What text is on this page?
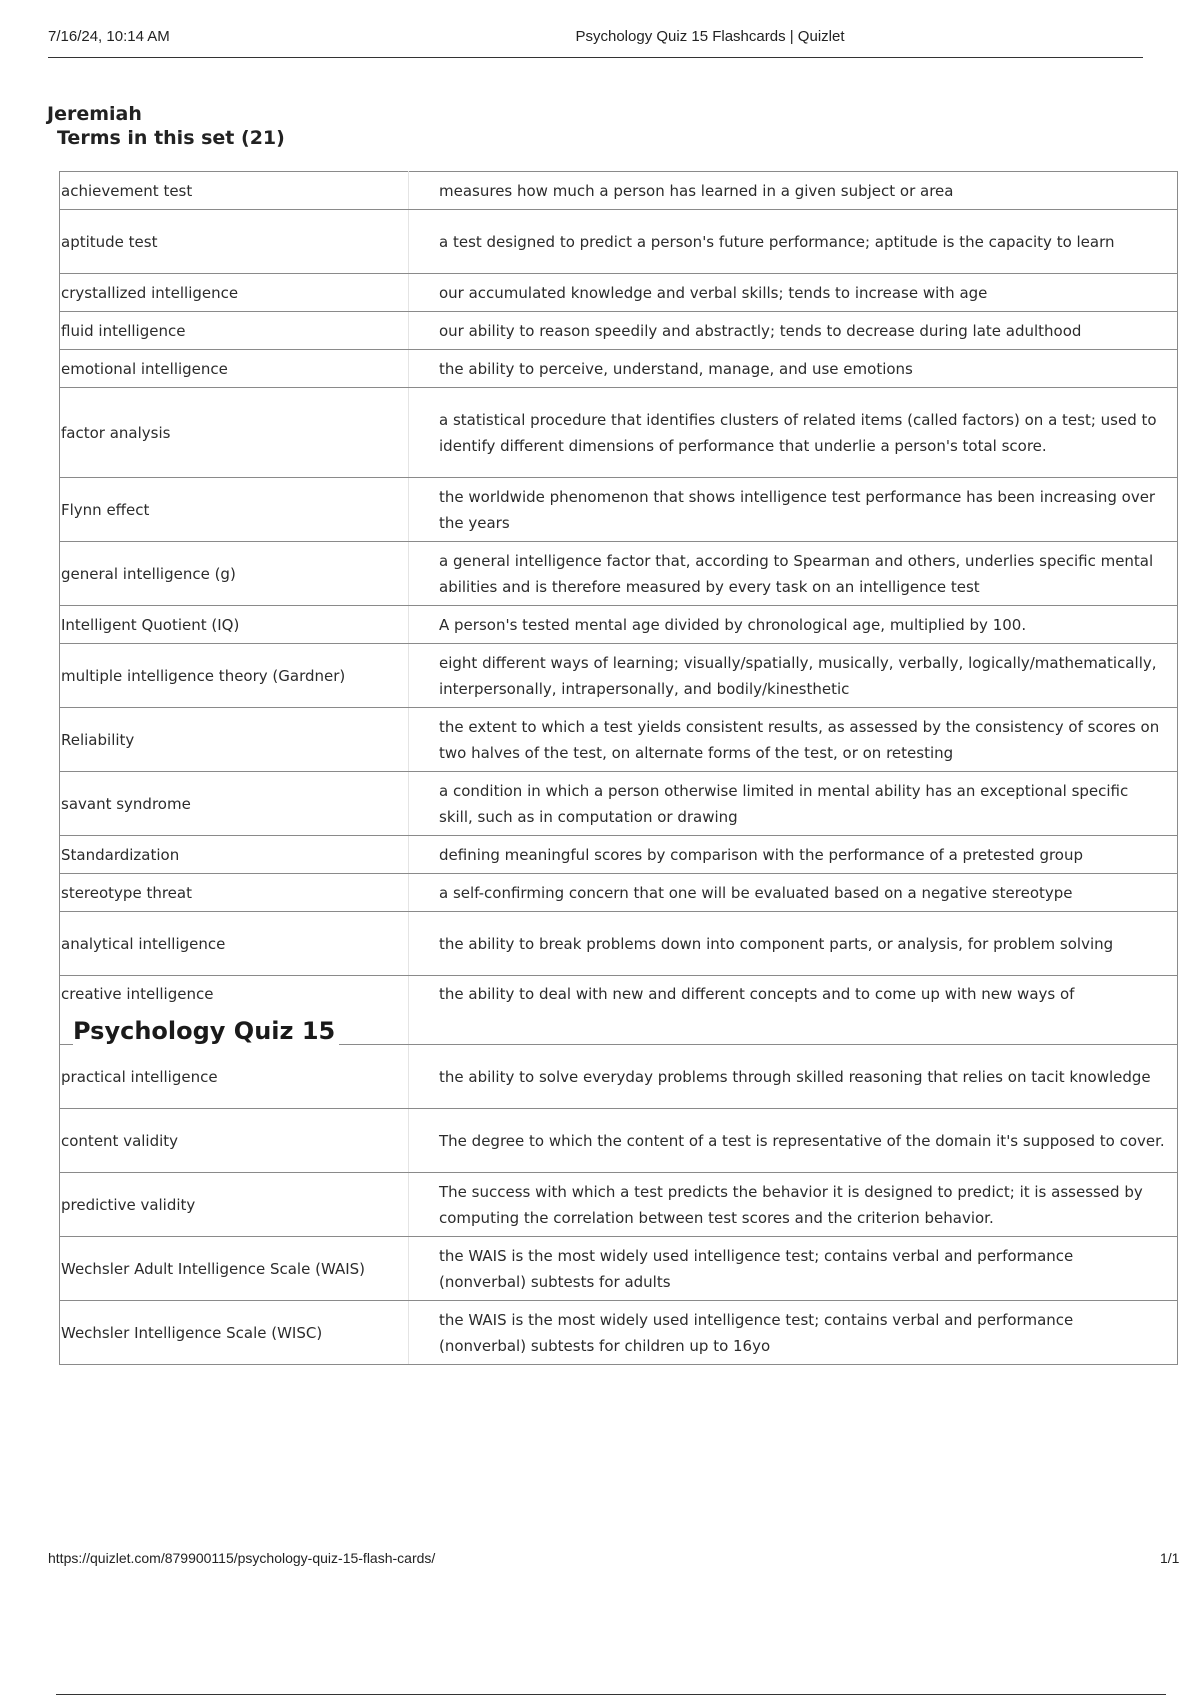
7/16/24, 10:14 AM	Psychology Quiz 15 Flashcards | Quizlet
Jeremiah
Terms in this set (21)
achievement test	measures how much a person has learned in a given subject or area
aptitude test	a test designed to predict a person's future performance; aptitude is the capacity to learn
crystallized intelligence	our accumulated knowledge and verbal skills; tends to increase with age
fluid intelligence	our ability to reason speedily and abstractly; tends to decrease during late adulthood
emotional intelligence	the ability to perceive, understand, manage, and use emotions
factor analysis	a statistical procedure that identifies clusters of related items (called factors) on a test; used to identify different dimensions of performance that underlie a person's total score.
Flynn effect	the worldwide phenomenon that shows intelligence test performance has been increasing over the years
general intelligence (g)	a general intelligence factor that, according to Spearman and others, underlies specific mental abilities and is therefore measured by every task on an intelligence test
Intelligent Quotient (IQ)	A person's tested mental age divided by chronological age, multiplied by 100.
multiple intelligence theory (Gardner)	eight different ways of learning; visually/spatially, musically, verbally, logically/mathematically, interpersonally, intrapersonally, and bodily/kinesthetic
Reliability	the extent to which a test yields consistent results, as assessed by the consistency of scores on two halves of the test, on alternate forms of the test, or on retesting
savant syndrome	a condition in which a person otherwise limited in mental ability has an exceptional specific skill, such as in computation or drawing
Standardization	defining meaningful scores by comparison with the performance of a pretested group
stereotype threat	a self-confirming concern that one will be evaluated based on a negative stereotype
analytical intelligence	the ability to break problems down into component parts, or analysis, for problem solving
creative intelligence	the ability to deal with new and different concepts and to come up with new ways of
practical intelligence	the ability to solve everyday problems through skilled reasoning that relies on tacit knowledge
content validity	The degree to which the content of a test is representative of the domain it's supposed to cover.
predictive validity	The success with which a test predicts the behavior it is designed to predict; it is assessed by computing the correlation between test scores and the criterion behavior.
Wechsler Adult Intelligence Scale (WAIS)	the WAIS is the most widely used intelligence test; contains verbal and performance (nonverbal) subtests for adults
Wechsler Intelligence Scale (WISC)	the WAIS is the most widely used intelligence test; contains verbal and performance (nonverbal) subtests for children up to 16yo
Psychology Quiz 15
https://quizlet.com/879900115/psychology-quiz-15-flash-cards/	1/1
